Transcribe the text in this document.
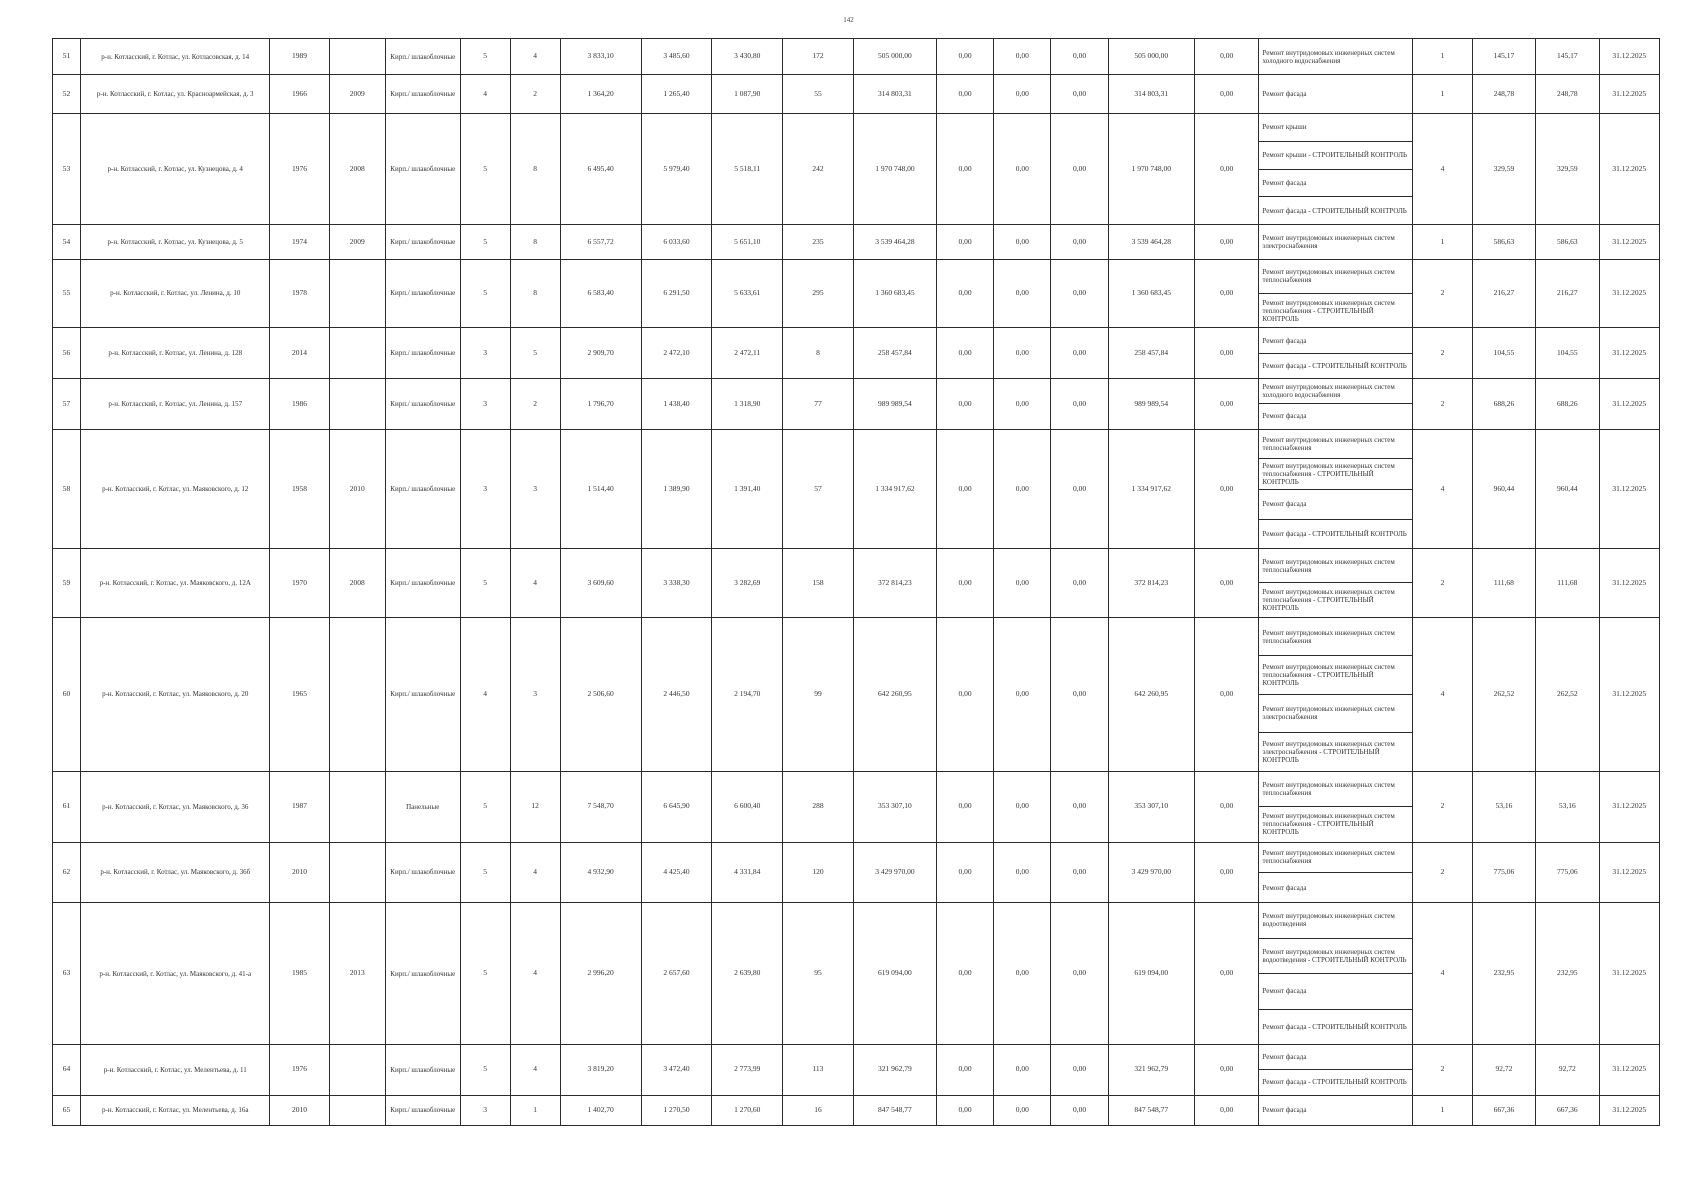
142
51	р-н. Котласский, г. Котлас, ул. Котласовская, д. 14	1989		Кирп./ шлакоблочные	5	4	3 833,10	3 485,60	3 430,80	172	505 000,00	0,00	0,00	0,00	505 000,00	0,00	Ремонт внутридомовых инженерных систем холодного водоснабжения	1	145,17	145,17	31.12.2025
52	р-н. Котласский, г. Котлас, ул. Красноармейская, д. 3	1966	2009	Кирп./ шлакоблочные	4	2	1 364,20	1 265,40	1 087,90	55	314 803,31	0,00	0,00	0,00	314 803,31	0,00	Ремонт фасада	1	248,78	248,78	31.12.2025
53	р-н. Котласский, г. Котлас, ул. Кузнецова, д. 4	1976	2008	Кирп./ шлакоблочные	5	8	6 495,40	5 979,40	5 518,11	242	1 970 748,00	0,00	0,00	0,00	1 970 748,00	0,00	Ремонт крыши
Ремонт крыши - СТРОИТЕЛЬНЫЙ КОНТРОЛЬ
Ремонт фасада
Ремонт фасада - СТРОИТЕЛЬНЫЙ КОНТРОЛЬ	4	329,59	329,59	31.12.2025
54	р-н. Котласский, г. Котлас, ул. Кузнецова, д. 5	1974	2009	Кирп./ шлакоблочные	5	8	6 557,72	6 033,60	5 651,10	235	3 539 464,28	0,00	0,00	0,00	3 539 464,28	0,00	Ремонт внутридомовых инженерных систем электроснабжения	1	586,63	586,63	31.12.2025
55	р-н. Котласский, г. Котлас, ул. Ленина, д. 10	1978		Кирп./ шлакоблочные	5	8	6 583,40	6 291,50	5 633,61	295	1 360 683,45	0,00	0,00	0,00	1 360 683,45	0,00	Ремонт внутридомовых инженерных систем теплоснабжения
Ремонт внутридомовых инженерных систем теплоснабжения - СТРОИТЕЛЬНЫЙ КОНТРОЛЬ	2	216,27	216,27	31.12.2025
56	р-н. Котласский, г. Котлас, ул. Ленина, д. 128	2014		Кирп./ шлакоблочные	3	5	2 909,70	2 472,10	2 472,11	8	258 457,84	0,00	0,00	0,00	258 457,84	0,00	Ремонт фасада
Ремонт фасада - СТРОИТЕЛЬНЫЙ КОНТРОЛЬ	2	104,55	104,55	31.12.2025
57	р-н. Котласский, г. Котлас, ул. Ленина, д. 157	1986		Кирп./ шлакоблочные	3	2	1 796,70	1 438,40	1 318,90	77	989 989,54	0,00	0,00	0,00	989 989,54	0,00	Ремонт внутридомовых инженерных систем холодного водоснабжения
Ремонт фасада	2	688,26	688,26	31.12.2025
58	р-н. Котласский, г. Котлас, ул. Маяковского, д. 12	1958	2010	Кирп./ шлакоблочные	3	3	1 514,40	1 389,90	1 391,40	57	1 334 917,62	0,00	0,00	0,00	1 334 917,62	0,00	Ремонт внутридомовых инженерных систем теплоснабжения
Ремонт внутридомовых инженерных систем теплоснабжения - СТРОИТЕЛЬНЫЙ КОНТРОЛЬ
Ремонт фасада
Ремонт фасада - СТРОИТЕЛЬНЫЙ КОНТРОЛЬ	4	960,44	960,44	31.12.2025
59	р-н. Котласский, г. Котлас, ул. Маяковского, д. 12А	1970	2008	Кирп./ шлакоблочные	5	4	3 609,60	3 338,30	3 282,69	158	372 814,23	0,00	0,00	0,00	372 814,23	0,00	Ремонт внутридомовых инженерных систем теплоснабжения
Ремонт внутридомовых инженерных систем теплоснабжения - СТРОИТЕЛЬНЫЙ КОНТРОЛЬ	2	111,68	111,68	31.12.2025
60	р-н. Котласский, г. Котлас, ул. Маяковского, д. 20	1965		Кирп./ шлакоблочные	4	3	2 506,60	2 446,50	2 194,70	99	642 260,95	0,00	0,00	0,00	642 260,95	0,00	Ремонт внутридомовых инженерных систем теплоснабжения
Ремонт внутридомовых инженерных систем теплоснабжения - СТРОИТЕЛЬНЫЙ КОНТРОЛЬ
Ремонт внутридомовых инженерных систем электроснабжения
Ремонт внутридомовых инженерных систем электроснабжения - СТРОИТЕЛЬНЫЙ КОНТРОЛЬ	4	262,52	262,52	31.12.2025
61	р-н. Котласский, г. Котлас, ул. Маяковского, д. 36	1987		Панельные	5	12	7 548,70	6 645,90	6 600,40	288	353 307,10	0,00	0,00	0,00	353 307,10	0,00	Ремонт внутридомовых инженерных систем теплоснабжения
Ремонт внутридомовых инженерных систем теплоснабжения - СТРОИТЕЛЬНЫЙ КОНТРОЛЬ	2	53,16	53,16	31.12.2025
62	р-н. Котласский, г. Котлас, ул. Маяковского, д. 36б	2010		Кирп./ шлакоблочные	5	4	4 932,90	4 425,40	4 331,84	120	3 429 970,00	0,00	0,00	0,00	3 429 970,00	0,00	Ремонт внутридомовых инженерных систем теплоснабжения
Ремонт фасада	2	775,06	775,06	31.12.2025
63	р-н. Котласский, г. Котлас, ул. Маяковского, д. 41-а	1985	2013	Кирп./ шлакоблочные	5	4	2 996,20	2 657,60	2 639,80	95	619 094,00	0,00	0,00	0,00	619 094,00	0,00	Ремонт внутридомовых инженерных систем водоотведения
Ремонт внутридомовых инженерных систем водоотведения - СТРОИТЕЛЬНЫЙ КОНТРОЛЬ
Ремонт фасада
Ремонт фасада - СТРОИТЕЛЬНЫЙ КОНТРОЛЬ	4	232,95	232,95	31.12.2025
64	р-н. Котласский, г. Котлас, ул. Мелентьева, д. 11	1976		Кирп./ шлакоблочные	5	4	3 819,20	3 472,40	2 773,99	113	321 962,79	0,00	0,00	0,00	321 962,79	0,00	Ремонт фасада
Ремонт фасада - СТРОИТЕЛЬНЫЙ КОНТРОЛЬ	2	92,72	92,72	31.12.2025
65	р-н. Котласский, г. Котлас, ул. Мелентьева, д. 16а	2010		Кирп./ шлакоблочные	3	1	1 402,70	1 270,50	1 270,60	16	847 548,77	0,00	0,00	0,00	847 548,77	0,00	Ремонт фасада	1	667,36	667,36	31.12.2025
